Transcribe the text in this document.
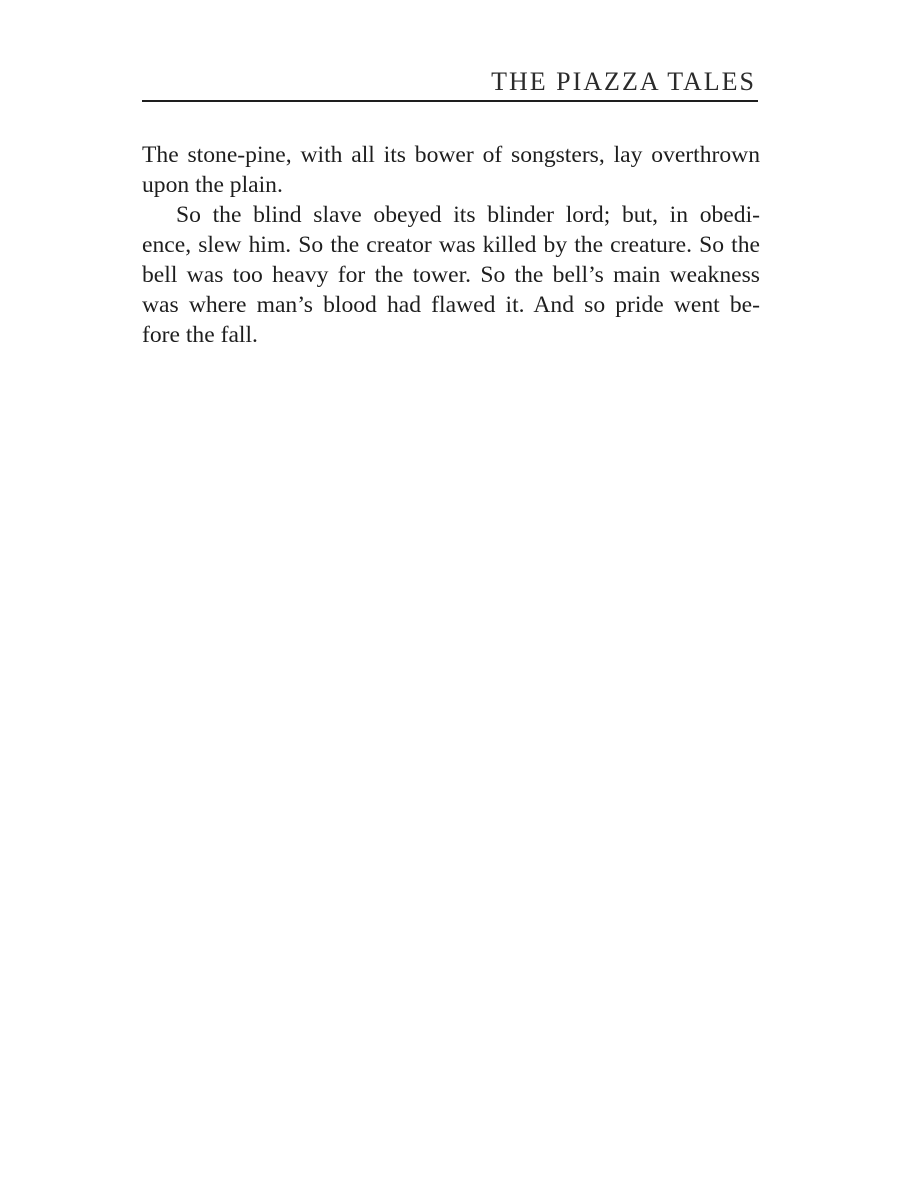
THE PIAZZA TALES
The stone-pine, with all its bower of songsters, lay overthrown
upon the plain.
So the blind slave obeyed its blinder lord; but, in obedi-
ence, slew him. So the creator was killed by the creature. So the
bell was too heavy for the tower. So the bell’s main weakness
was where man’s blood had flawed it. And so pride went be-
fore the fall.
